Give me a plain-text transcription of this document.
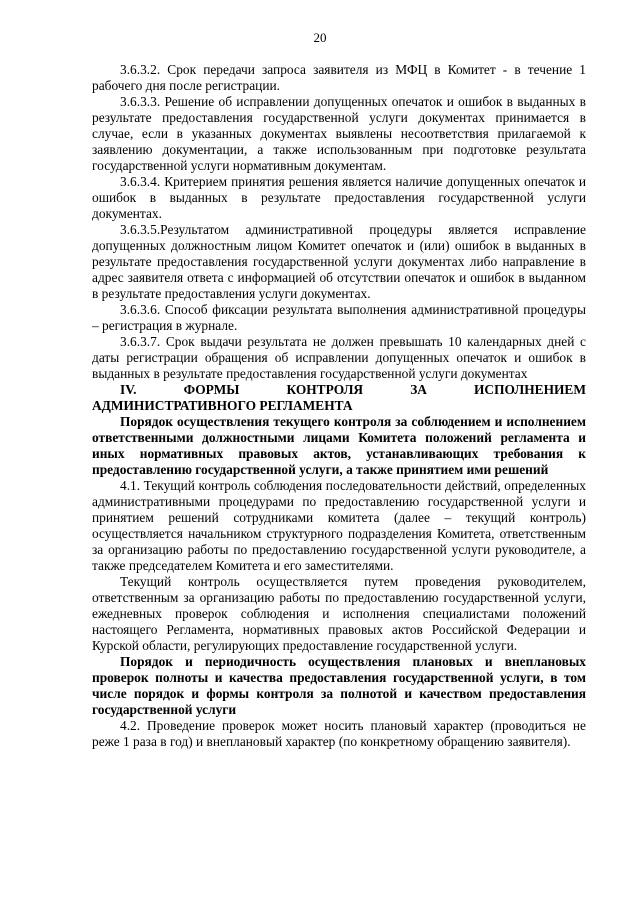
20

3.6.3.2. Срок передачи запроса заявителя из МФЦ в Комитет - в течение 1 рабочего дня после регистрации.

3.6.3.3. Решение об исправлении допущенных опечаток и ошибок в выданных в результате предоставления государственной услуги документах принимается в случае, если в указанных документах выявлены несоответствия прилагаемой к заявлению документации, а также использованным при подготовке результата государственной услуги нормативным документам.

3.6.3.4. Критерием принятия решения является наличие допущенных опечаток и ошибок в выданных в результате предоставления государственной услуги документах.

3.6.3.5.Результатом административной процедуры является исправление допущенных должностным лицом Комитет опечаток и (или) ошибок в выданных в результате предоставления государственной услуги документах либо направление в адрес заявителя ответа с информацией об отсутствии опечаток и ошибок в выданном в результате предоставления услуги документах.

3.6.3.6. Способ фиксации результата выполнения административной процедуры – регистрация в журнале.

3.6.3.7. Срок выдачи результата не должен превышать 10 календарных дней с даты регистрации обращения об исправлении допущенных опечаток и ошибок в выданных в результате предоставления государственной услуги документах

IV.	ФОРМЫ	КОНТРОЛЯ	ЗА	ИСПОЛНЕНИЕМ

АДМИНИСТРАТИВНОГО РЕГЛАМЕНТА

Порядок осуществления текущего контроля за соблюдением и исполнением ответственными должностными лицами Комитета положений регламента и иных нормативных правовых актов, устанавливающих требования к предоставлению государственной услуги, а также принятием ими решений

4.1. Текущий контроль соблюдения последовательности действий, определенных административными процедурами по предоставлению государственной услуги и принятием решений сотрудниками комитета (далее – текущий контроль) осуществляется начальником структурного подразделения Комитета, ответственным за организацию работы по предоставлению государственной услуги руководителе, а также председателем Комитета и его заместителями.

Текущий контроль осуществляется путем проведения руководителем, ответственным за организацию работы по предоставлению государственной услуги, ежедневных проверок соблюдения и исполнения специалистами положений настоящего Регламента, нормативных правовых актов Российской Федерации и Курской области, регулирующих предоставление государственной услуги.

Порядок и периодичность осуществления плановых и внеплановых проверок полноты и качества предоставления государственной услуги, в том числе порядок и формы контроля за полнотой и качеством предоставления государственной услуги

4.2. Проведение проверок может носить плановый характер (проводиться не реже 1 раза в год) и внеплановый характер (по конкретному обращению заявителя).
